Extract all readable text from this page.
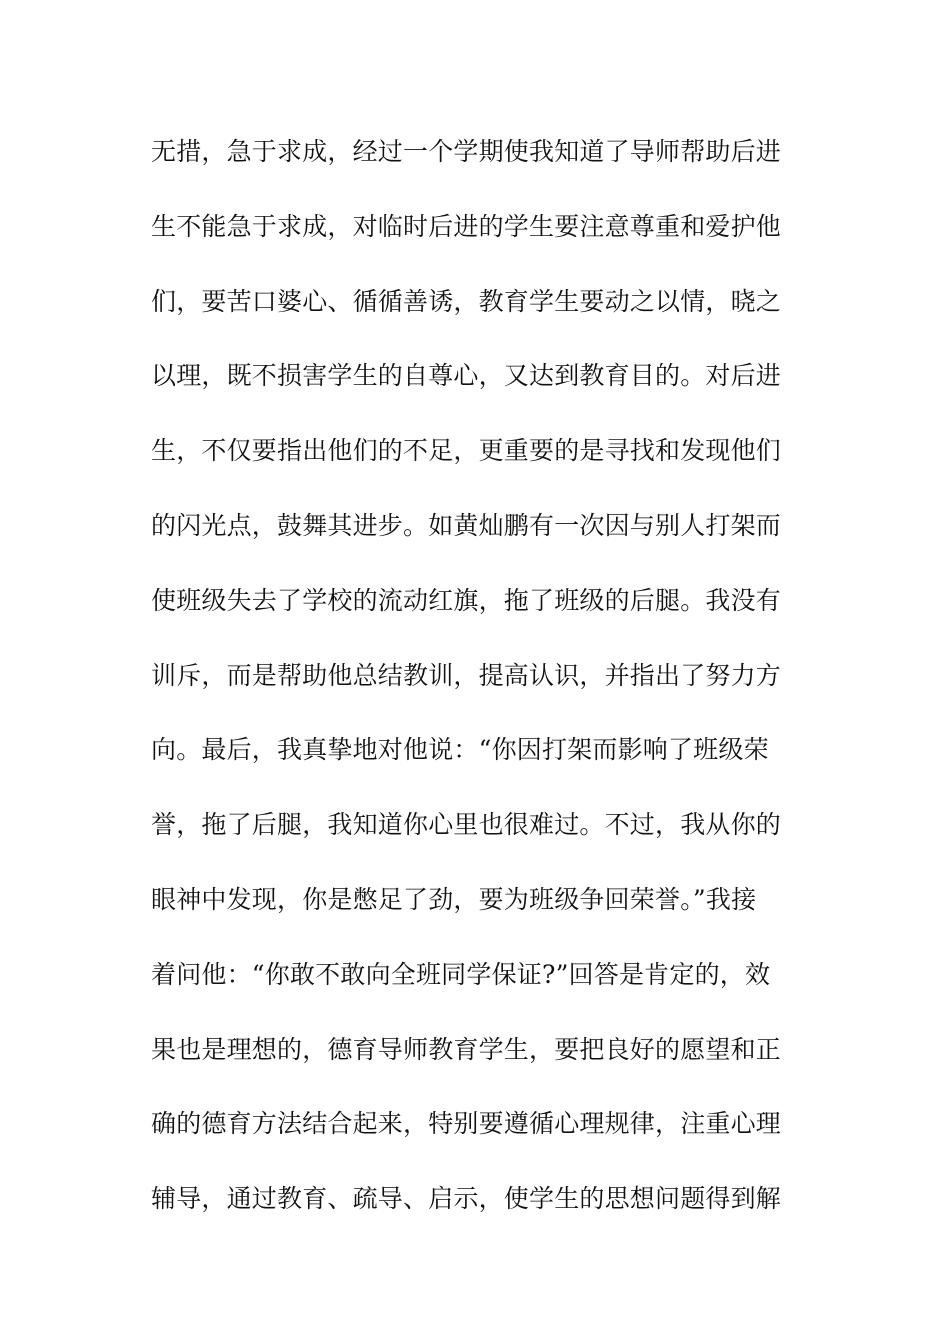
无措，急于求成，经过一个学期使我知道了导师帮助后进
生不能急于求成，对临时后进的学生要注意尊重和爱护他
们，要苦口婆心、循循善诱，教育学生要动之以情，晓之
以理，既不损害学生的自尊心，又达到教育目的。对后进
生，不仅要指出他们的不足，更重要的是寻找和发现他们
的闪光点，鼓舞其进步。如黄灿鹏有一次因与别人打架而
使班级失去了学校的流动红旗，拖了班级的后腿。我没有
训斥，而是帮助他总结教训，提高认识，并指出了努力方
向。最后，我真挚地对他说：“你因打架而影响了班级荣
誉，拖了后腿，我知道你心里也很难过。不过，我从你的
眼神中发现，你是憋足了劲，要为班级争回荣誉。”我接
着问他：“你敢不敢向全班同学保证?”回答是肯定的，效
果也是理想的，德育导师教育学生，要把良好的愿望和正
确的德育方法结合起来，特别要遵循心理规律，注重心理
辅导，通过教育、疏导、启示，使学生的思想问题得到解
